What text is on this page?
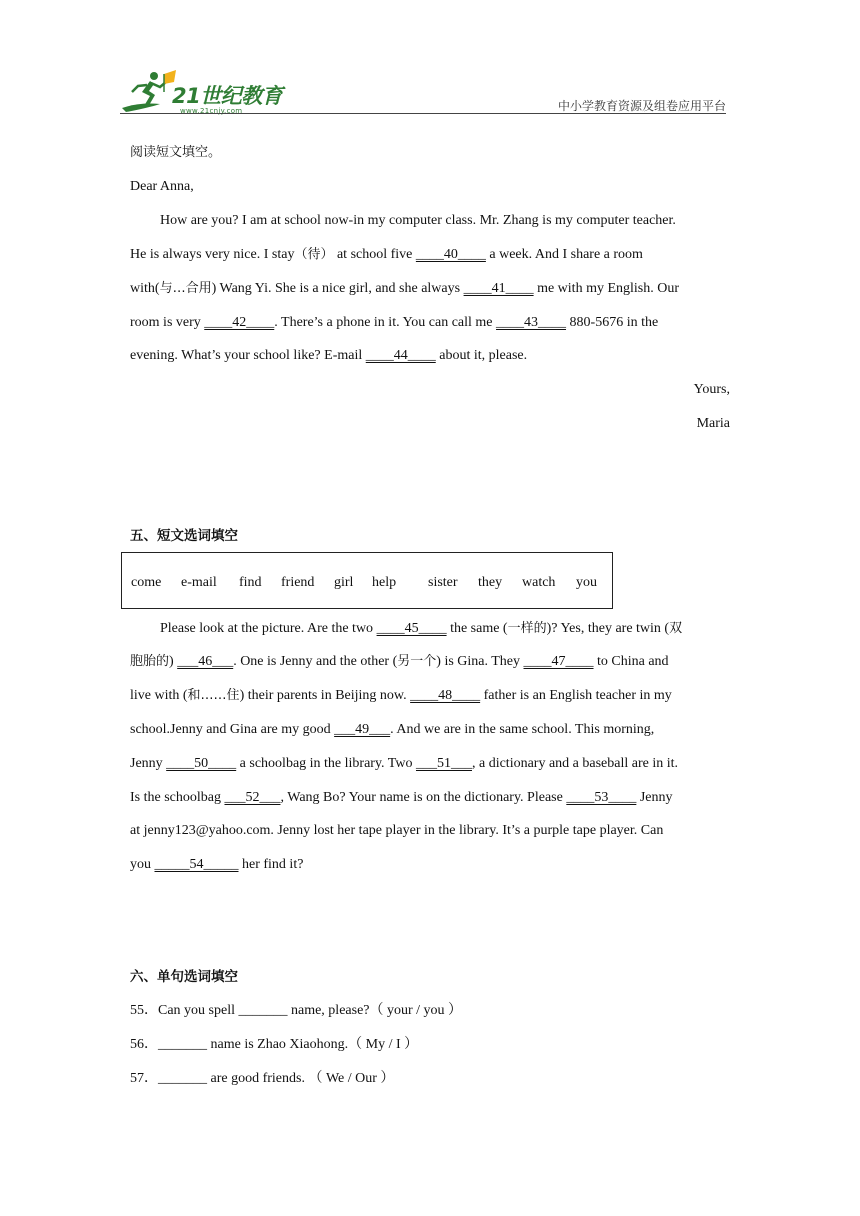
21世纪教育
www.21cnjy.com	中小学教育资源及组卷应用平台
阅读短文填空。
Dear Anna,
How are you? I am at school now-in my computer class. Mr. Zhang is my computer teacher.
He is always very nice. I stay（待） at school five ____40____ a week. And I share a room
with(与…合用) Wang Yi. She is a nice girl, and she always ____41____ me with my English. Our
room is very ____42____. There’s a phone in it. You can call me ____43____ 880-5676 in the
evening. What’s your school like? E-mail ____44____ about it, please.
Yours,
Maria
五、短文选词填空
come e-mail find friend girl help sister they watch you
Please look at the picture. Are the two ____45____ the same (一样的)? Yes, they are twin (双
胞胎的) ___46___. One is Jenny and the other (另一个) is Gina. They ____47____ to China and
live with (和……住) their parents in Beijing now. ____48____ father is an English teacher in my
school.Jenny and Gina are my good ___49___. And we are in the same school. This morning,
Jenny ____50____ a schoolbag in the library. Two ___51___, a dictionary and a baseball are in it.
Is the schoolbag ___52___, Wang Bo? Your name is on the dictionary. Please ____53____ Jenny
at jenny123@yahoo.com. Jenny lost her tape player in the library. It’s a purple tape player. Can
you _____54_____ her find it?
六、单句选词填空
55．Can you spell _______ name, please?（ your / you ）
56．_______ name is Zhao Xiaohong.（ My / I ）
57．_______ are good friends. （ We / Our ）
